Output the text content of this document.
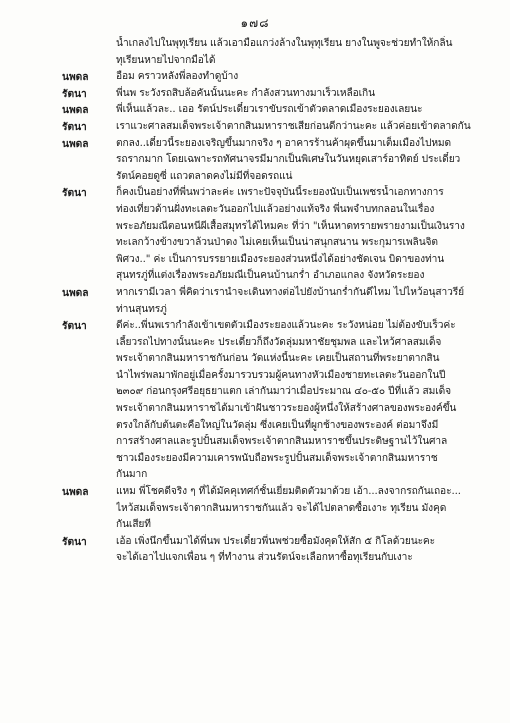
๑๗๘
น้ำเกลงไปในพุทุเรียน แล้วเอามือแกว่งล้างในพุทุเรียน ยางในพูจะช่วยทำให้กลิ่น
ทุเรียนหายไปจากมือได้
นพดล	อือม คราวหลังพี่ลองทำดูบ้าง
รัตนา	พี่นพ ระวังรถสิบล้อคันนั้นนะคะ กำลังสวนทางมาเร็วเหลือเกิน
นพดล	พี่เห็นแล้วละ.. เออ รัตน์ประเดี๋ยวเราขับรถเข้าตัวตลาดเมืองระยองเลยนะ
รัตนา	เราแวะศาลสมเด็จพระเจ้าตากสินมหาราชเสียก่อนดีกว่านะคะ แล้วค่อยเข้าตลาดกัน
นพดล	ตกลง..เดี๋ยวนี้ระยองเจริญขึ้นมากจริง ๆ อาคารร้านค้าผุดขึ้นมาเต็มเมืองไปหมด
รถรากมาก โดยเฉพาะรถทัศนาจรมีมากเป็นพิเศษในวันหยุดเสาร์อาทิตย์ ประเดี๋ยว
รัตน์คอยดูซี่ แถวตลาดคงไม่มีที่จอดรถแน่
รัตนา	ก็คงเป็นอย่างที่พี่นพว่าละค่ะ เพราะปัจจุบันนี้ระยองนับเป็นเพชรน้ำเอกทางการ
ท่องเที่ยวด้านฝั่งทะเลตะวันออกไปแล้วอย่างแท้จริง พี่นพจำบทกลอนในเรื่อง
พระอภัยมณีตอนหนีผีเสื้อสมุทรได้ไหมคะ ที่ว่า "เห็นหาดทรายพรายงามเป็นเงินราง
ทะเลกว้างข้างขวาล้วนป่าดง ไม่เคยเห็นเป็นน่าสนุกสนาน พระกุมารเพลินจิต
พิศวง.." ค่ะ เป็นการบรรยายเมืองระยองส่วนหนึ่งได้อย่างชัดเจน บิดาของท่าน
สุนทรภู่ที่แต่งเรื่องพระอภัยมณีเป็นคนบ้านกร่ำ อำเภอแกลง จังหวัดระยอง
นพดล	หากเรามีเวลา พี่คิดว่าเรานำจะเดินทางต่อไปยังบ้านกร่ำกันดีไหม ไปไหว้อนุสาวรีย์
ท่านสุนทรภู่
รัตนา	ดีค่ะ..พี่นพเรากำลังเข้าเขตตัวเมืองระยองแล้วนะคะ ระวังหน่อย ไม่ต้องขับเร็วค่ะ
เลี้ยวรถไปทางนั้นนะคะ ประเดี๋ยวก็ถึงวัดลุ่มมหาชัยชุมพล และไหว้ศาลสมเด็จ
พระเจ้าตากสินมหาราชกันก่อน วัดแห่งนี้นะคะ เคยเป็นสถานที่พระยาตากสิน
นำไพร่พลมาพักอยู่เมื่อครั้งมารวบรวมผู้คนทางหัวเมืองชายทะเลตะวันออกในปี
๒๓๐๙ ก่อนกรุงศรีอยุธยาแตก เล่ากันมาว่าเมื่อประมาณ ๔๐-๕๐ ปีที่แล้ว สมเด็จ
พระเจ้าตากสินมหาราชได้มาเข้าฝันชาวระยองผู้หนึ่งให้สร้างศาลของพระองค์ขึ้น
ตรงใกล้กับต้นตะคือใหญ่ในวัดลุ่ม ซึ่งเคยเป็นที่ผูกช้างของพระองค์ ต่อมาจึงมี
การสร้างศาลและรูปปั้นสมเด็จพระเจ้าตากสินมหาราชขึ้นประดิษฐานไว้ในศาล
ชาวเมืองระยองมีความเคารพนับถือพระรูปปั้นสมเด็จพระเจ้าตากสินมหาราช
กันมาก
นพดล	แหม พี่โชคดีจริง ๆ ที่ได้มัคคุเทศก์ชั้นเยี่ยมติดตัวมาด้วย เอ้า...ลงจากรถกันเถอะ...
ไหว้สมเด็จพระเจ้าตากสินมหาราชกันแล้ว จะได้ไปตลาดซื้อเงาะ ทุเรียน มังคุด
กันเสียที
รัตนา	เอ้อ เพิ่งนึกขึ้นมาได้พี่นพ ประเดี๋ยวพี่นพช่วยซื้อมังคุดให้สัก ๕ กิโลด้วยนะคะ
จะได้เอาไปแจกเพื่อน ๆ ที่ทำงาน ส่วนรัตน์จะเลือกหาซื้อทุเรียนกับเงาะ
